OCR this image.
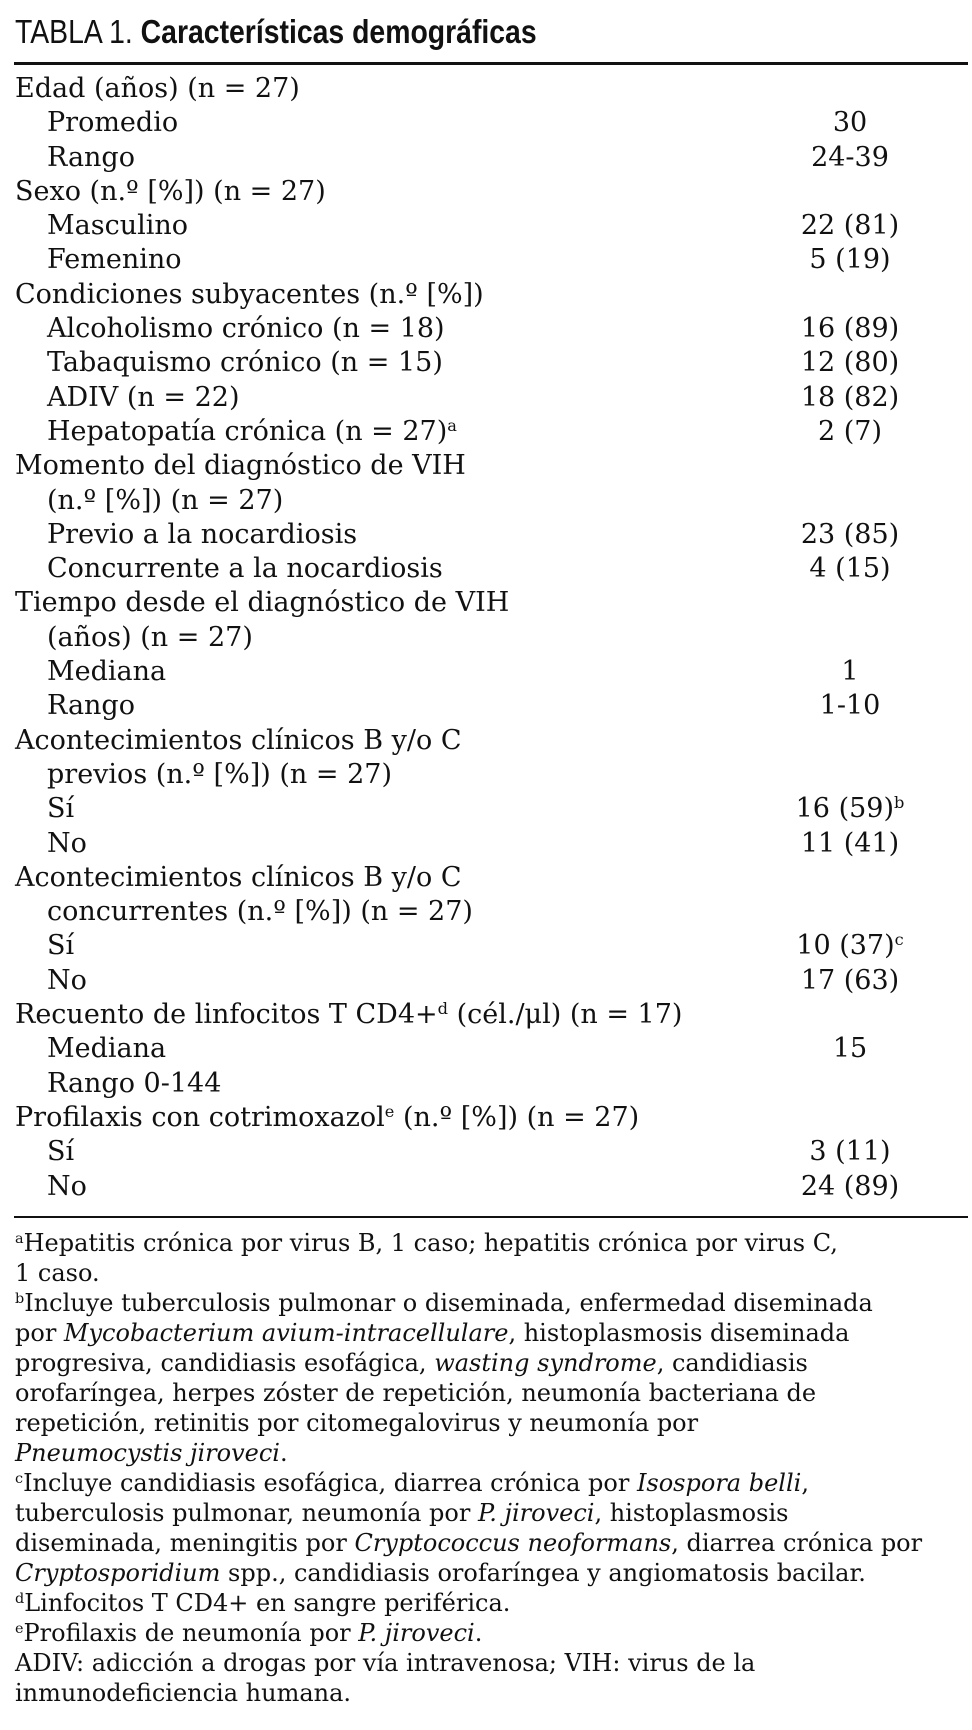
TABLA 1. Características demográficas
Edad (años) (n = 27)
Promedio	30
Rango	24-39
Sexo (n.º [%]) (n = 27)
Masculino	22 (81)
Femenino	5 (19)
Condiciones subyacentes (n.º [%])
Alcoholismo crónico (n = 18)	16 (89)
Tabaquismo crónico (n = 15)	12 (80)
ADIV (n = 22)	18 (82)
Hepatopatía crónica (n = 27)$^a$	2 (7)
Momento del diagnóstico de VIH
(n.º [%]) (n = 27)
Previo a la nocardiosis	23 (85)
Concurrente a la nocardiosis	4 (15)
Tiempo desde el diagnóstico de VIH
(años) (n = 27)
Mediana	1
Rango	1-10
Acontecimientos clínicos B y/o C
previos (n.º [%]) (n = 27)
Sí	16 $(59)^b$
No	11 (41)
Acontecimientos clínicos B y/o C
concurrentes (n.º [%]) (n = 27)
Sí	10 $(37)^c$
No	17 (63)
Recuento de linfocitos T CD4+$^d$ (cél./μl) (n = 17)
Mediana	15
Rango 0-144
Profilaxis con cotrimoxazol$^e$ (n.º [%]) (n = 27)
Sí	3 (11)
No	24 (89)
$^a$Hepatitis crónica por virus B, 1 caso; hepatitis crónica por virus C,
1 caso.
$^b$Incluye tuberculosis pulmonar o diseminada, enfermedad diseminada
por Mycobacterium avium-intracellulare, histoplasmosis diseminada
progresiva, candidiasis esofágica, wasting syndrome, candidiasis
orofaríngea, herpes zóster de repetición, neumonía bacteriana de
repetición, retinitis por citomegalovirus y neumonía por
Pneumocystis jiroveci.
$^c$Incluye candidiasis esofágica, diarrea crónica por Isospora belli,
tuberculosis pulmonar, neumonía por P. jiroveci, histoplasmosis
diseminada, meningitis por Cryptococcus neoformans, diarrea crónica por
Cryptosporidium spp., candidiasis orofaríngea y angiomatosis bacilar.
$^d$Linfocitos T CD4+ en sangre periférica.
$^e$Profilaxis de neumonía por P. jiroveci.
ADIV: adicción a drogas por vía intravenosa; VIH: virus de la
inmunodeficiencia humana.
